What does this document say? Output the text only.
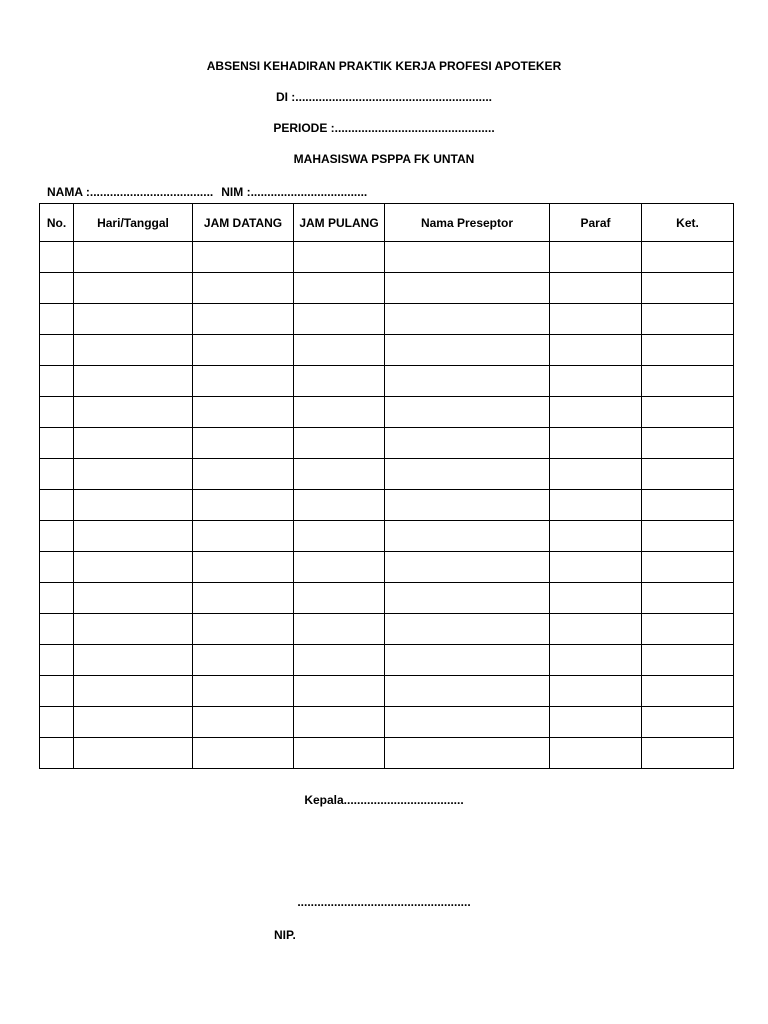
ABSENSI KEHADIRAN PRAKTIK KERJA PROFESI APOTEKER
DI :...........................................................
PERIODE :................................................
MAHASISWA PSPPA FK UNTAN
NAMA :..................................... NIM :...................................
No.	Hari/Tanggal	JAM DATANG	JAM PULANG	Nama Preseptor	Paraf	Ket.

Kepala....................................
....................................................
NIP.
